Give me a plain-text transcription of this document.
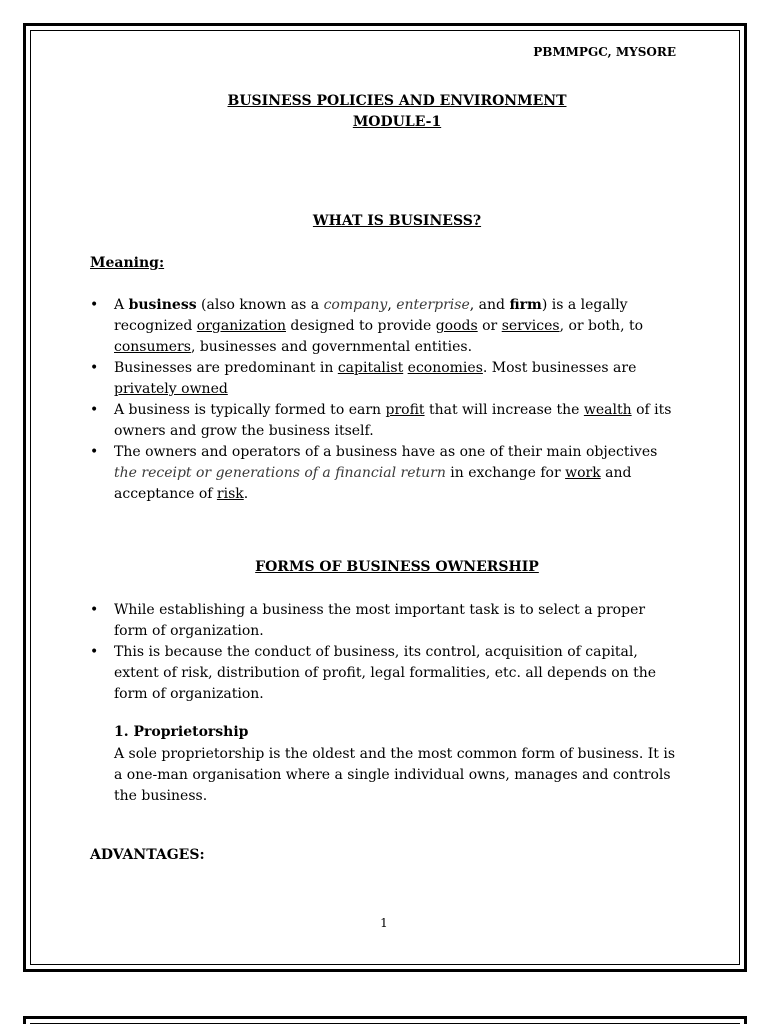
PBMMPGC, MYSORE
BUSINESS POLICIES AND ENVIRONMENT
MODULE-1
WHAT IS BUSINESS?
Meaning:
• A business (also known as a company, enterprise, and firm) is a legally recognized organization designed to provide goods or services, or both, to consumers, businesses and governmental entities.
• Businesses are predominant in capitalist economies. Most businesses are privately owned
• A business is typically formed to earn profit that will increase the wealth of its owners and grow the business itself.
• The owners and operators of a business have as one of their main objectives the receipt or generations of a financial return in exchange for work and acceptance of risk.
FORMS OF BUSINESS OWNERSHIP
• While establishing a business the most important task is to select a proper form of organization.
• This is because the conduct of business, its control, acquisition of capital, extent of risk, distribution of profit, legal formalities, etc. all depends on the form of organization.
1. Proprietorship
A sole proprietorship is the oldest and the most common form of business. It is a one-man organisation where a single individual owns, manages and controls the business.
ADVANTAGES:
1
